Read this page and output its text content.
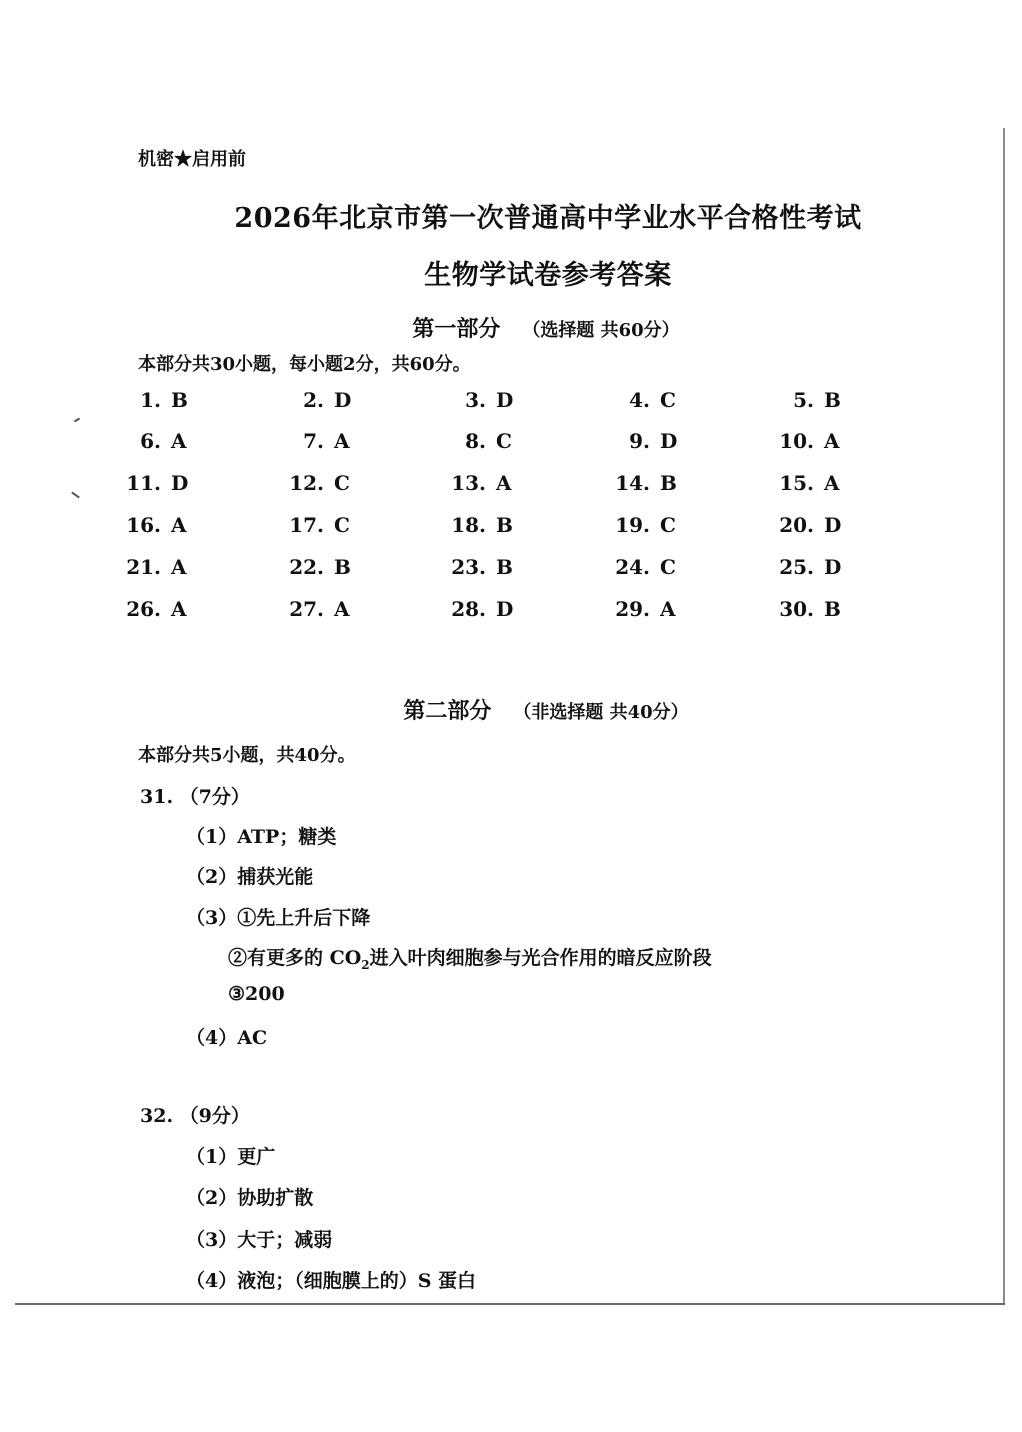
机密★启用前
2026年北京市第一次普通高中学业水平合格性考试
生物学试卷参考答案
第一部分 （选择题 共60分）
本部分共30小题，每小题2分，共60分。
1. B	2. D	3. D	4. C	5. B
6. A	7. A	8. C	9. D	10. A
11. D	12. C	13. A	14. B	15. A
16. A	17. C	18. B	19. C	20. D
21. A	22. B	23. B	24. C	25. D
26. A	27. A	28. D	29. A	30. B
第二部分 （非选择题 共40分）
本部分共5小题，共40分。
31. （7分）
（1）ATP；糖类
（2）捕获光能
（3）①先上升后下降
②有更多的 $CO_2$进入叶肉细胞参与光合作用的暗反应阶段
③200
（4）AC
32. （9分）
（1）更广
（2）协助扩散
（3）大于；减弱
（4）液泡；（细胞膜上的）S 蛋白
